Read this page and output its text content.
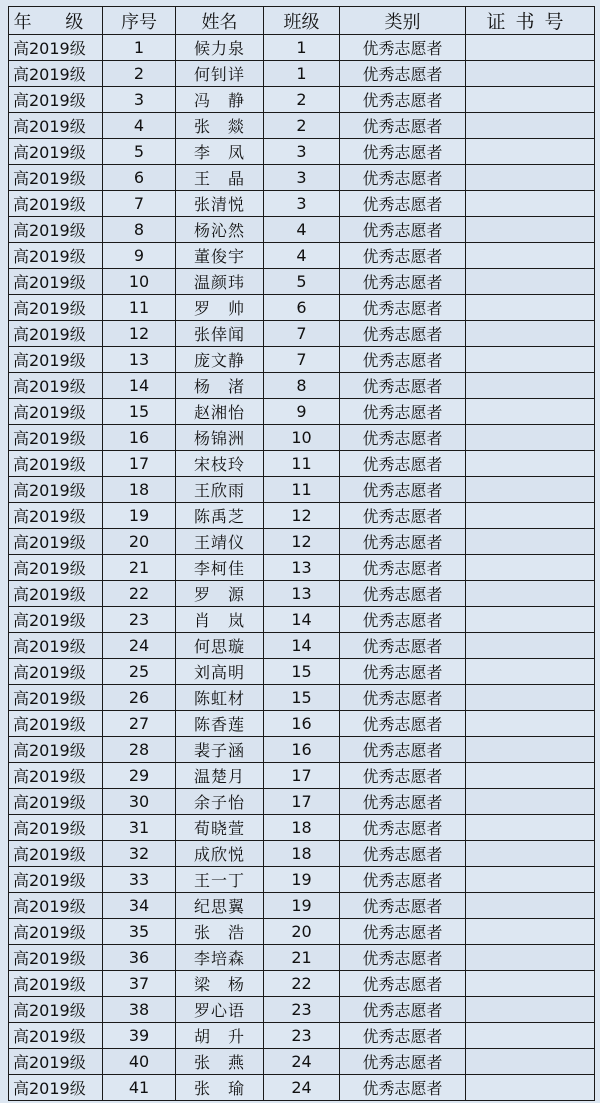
年 级	序号	姓名	班级	类别	证书号
高2019级	1	候力泉	1	优秀志愿者	
高2019级	2	何钊详	1	优秀志愿者	
高2019级	3	冯　静	2	优秀志愿者	
高2019级	4	张　燚	2	优秀志愿者	
高2019级	5	李　凤	3	优秀志愿者	
高2019级	6	王　晶	3	优秀志愿者	
高2019级	7	张清悦	3	优秀志愿者	
高2019级	8	杨沁然	4	优秀志愿者	
高2019级	9	董俊宇	4	优秀志愿者	
高2019级	10	温颜玮	5	优秀志愿者	
高2019级	11	罗　帅	6	优秀志愿者	
高2019级	12	张倖闻	7	优秀志愿者	
高2019级	13	庞文静	7	优秀志愿者	
高2019级	14	杨　渚	8	优秀志愿者	
高2019级	15	赵湘怡	9	优秀志愿者	
高2019级	16	杨锦洲	10	优秀志愿者	
高2019级	17	宋枝玲	11	优秀志愿者	
高2019级	18	王欣雨	11	优秀志愿者	
高2019级	19	陈禹芝	12	优秀志愿者	
高2019级	20	王靖仪	12	优秀志愿者	
高2019级	21	李柯佳	13	优秀志愿者	
高2019级	22	罗　源	13	优秀志愿者	
高2019级	23	肖　岚	14	优秀志愿者	
高2019级	24	何思璇	14	优秀志愿者	
高2019级	25	刘高明	15	优秀志愿者	
高2019级	26	陈虹材	15	优秀志愿者	
高2019级	27	陈香莲	16	优秀志愿者	
高2019级	28	裴子涵	16	优秀志愿者	
高2019级	29	温楚月	17	优秀志愿者	
高2019级	30	余子怡	17	优秀志愿者	
高2019级	31	荀晓萱	18	优秀志愿者	
高2019级	32	成欣悦	18	优秀志愿者	
高2019级	33	王一丁	19	优秀志愿者	
高2019级	34	纪思翼	19	优秀志愿者	
高2019级	35	张　浩	20	优秀志愿者	
高2019级	36	李培森	21	优秀志愿者	
高2019级	37	梁　杨	22	优秀志愿者	
高2019级	38	罗心语	23	优秀志愿者	
高2019级	39	胡　升	23	优秀志愿者	
高2019级	40	张　燕	24	优秀志愿者	
高2019级	41	张　瑜	24	优秀志愿者	
